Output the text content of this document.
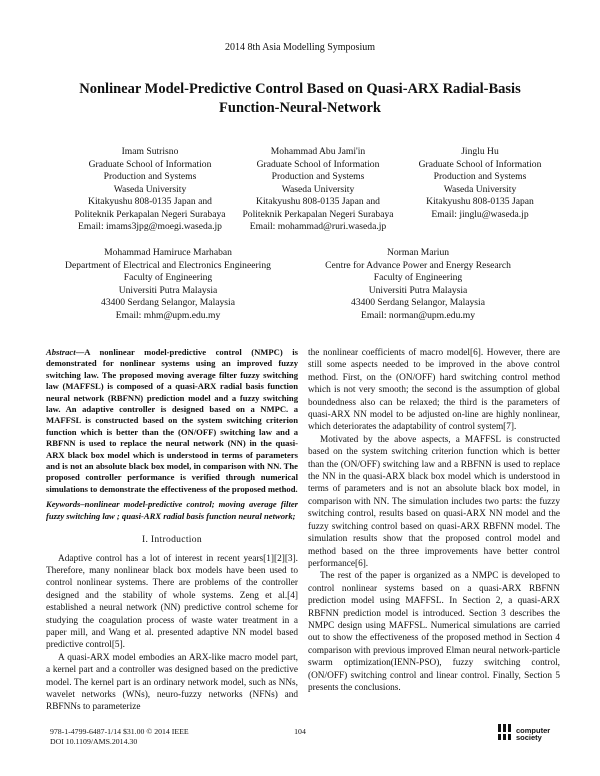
2014 8th Asia Modelling Symposium
Nonlinear Model-Predictive Control Based on Quasi-ARX Radial-Basis
Function-Neural-Network
Imam Sutrisno
Graduate School of Information
Production and Systems
Waseda University
Kitakyushu 808-0135 Japan and
Politeknik Perkapalan Negeri Surabaya
Email: imams3jpg@moegi.waseda.jp
Mohammad Abu Jami'in
Graduate School of Information
Production and Systems
Waseda University
Kitakyushu 808-0135 Japan and
Politeknik Perkapalan Negeri Surabaya
Email: mohammad@ruri.waseda.jp
Jinglu Hu
Graduate School of Information
Production and Systems
Waseda University
Kitakyushu 808-0135 Japan
Email: jinglu@waseda.jp
Mohammad Hamiruce Marhaban
Department of Electrical and Electronics Engineering
Faculty of Engineering
Universiti Putra Malaysia
43400 Serdang Selangor, Malaysia
Email: mhm@upm.edu.my
Norman Mariun
Centre for Advance Power and Energy Research
Faculty of Engineering
Universiti Putra Malaysia
43400 Serdang Selangor, Malaysia
Email: norman@upm.edu.my

Abstract—A nonlinear model-predictive control (NMPC) is demonstrated for nonlinear systems using an improved fuzzy switching law. The proposed moving average filter fuzzy switching law (MAFFSL) is composed of a quasi-ARX radial basis function neural network (RBFNN) prediction model and a fuzzy switching law. An adaptive controller is designed based on a NMPC. a MAFFSL is constructed based on the system switching criterion function which is better than the (ON/OFF) switching law and a RBFNN is used to replace the neural network (NN) in the quasi-ARX black box model which is understood in terms of parameters and is not an absolute black box model, in comparison with NN. The proposed controller performance is verified through numerical simulations to demonstrate the effectiveness of the proposed method.

Keywords–nonlinear model-predictive control; moving average filter fuzzy switching law ; quasi-ARX radial basis function neural network;

I. Introduction

Adaptive control has a lot of interest in recent years[1][2][3]. Therefore, many nonlinear black box models have been used to control nonlinear systems. There are problems of the controller designed and the stability of whole systems. Zeng et al.[4] established a neural network (NN) predictive control scheme for studying the coagulation process of waste water treatment in a paper mill, and Wang et al. presented adaptive NN model based predictive control[5].

A quasi-ARX model embodies an ARX-like macro model part, a kernel part and a controller was designed based on the predictive model. The kernel part is an ordinary network model, such as NNs, wavelet networks (WNs), neuro-fuzzy networks (NFNs) and RBFNNs to parameterize

the nonlinear coefficients of macro model[6]. However, there are still some aspects needed to be improved in the above control method. First, on the (ON/OFF) hard switching control method which is not very smooth; the second is the assumption of global boundedness also can be relaxed; the third is the parameters of quasi-ARX NN model to be adjusted on-line are highly nonlinear, which deteriorates the adaptability of control system[7].

Motivated by the above aspects, a MAFFSL is constructed based on the system switching criterion function which is better than the (ON/OFF) switching law and a RBFNN is used to replace the NN in the quasi-ARX black box model which is understood in terms of parameters and is not an absolute black box model, in comparison with NN. The simulation includes two parts: the fuzzy switching control, results based on quasi-ARX NN model and the fuzzy switching control based on quasi-ARX RBFNN model. The simulation results show that the proposed control model and method based on the three improvements have better control performance[6].

The rest of the paper is organized as a NMPC is developed to control nonlinear systems based on a quasi-ARX RBFNN prediction model using MAFFSL. In Section 2, a quasi-ARX RBFNN prediction model is introduced. Section 3 describes the NMPC design using MAFFSL. Numerical simulations are carried out to show the effectiveness of the proposed method in Section 4 comparison with previous improved Elman neural network-particle swarm optimization(IENN-PSO), fuzzy switching control, (ON/OFF) switching control and linear control. Finally, Section 5 presents the conclusions.

978-1-4799-6487-1/14 $31.00 © 2014 IEEE
DOI 10.1109/AMS.2014.30
104	computer
society
